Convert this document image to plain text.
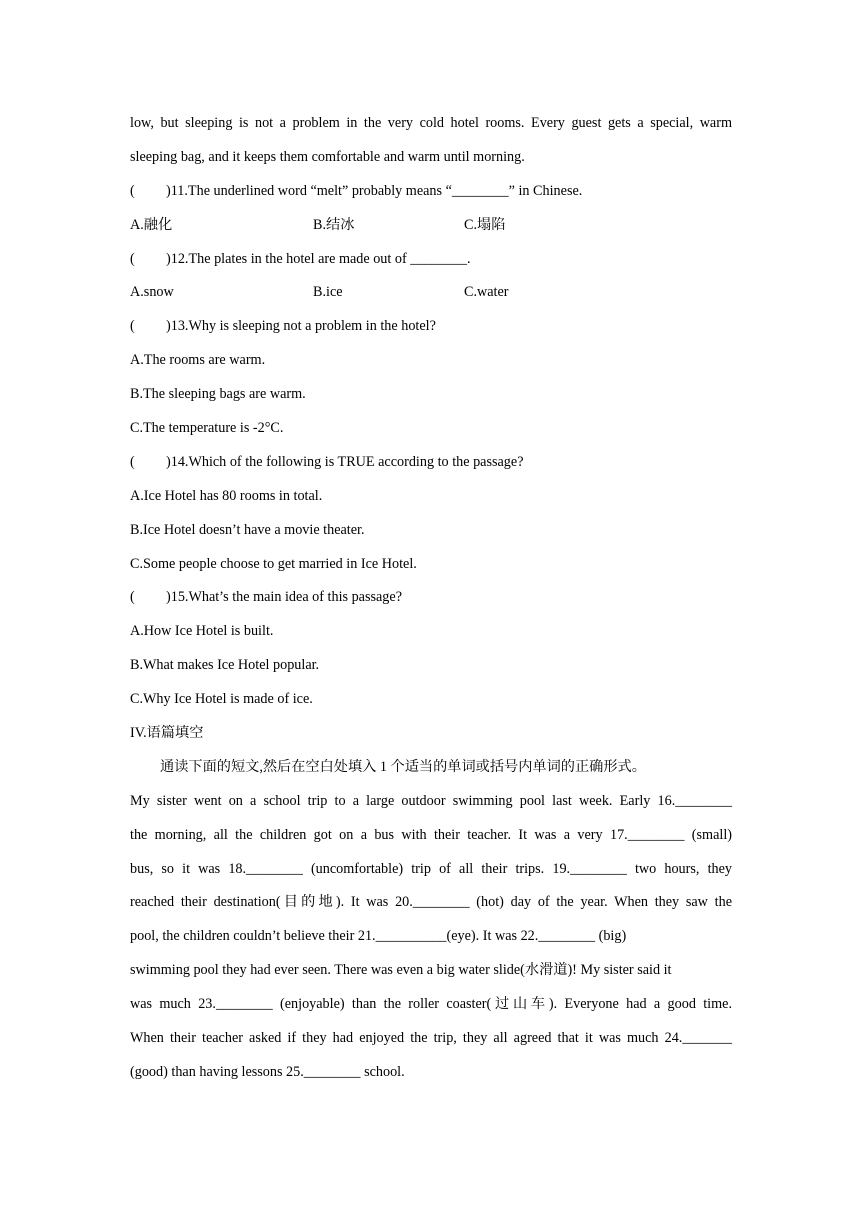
low, but sleeping is not a problem in the very cold hotel rooms. Every guest gets a special, warm
sleeping bag, and it keeps them comfortable and warm until morning.
(	)11.The underlined word “melt” probably means “________” in Chinese.
A.融化	B.结冰	C.塌陷
(	)12.The plates in the hotel are made out of ________.
A.snow	B.ice	C.water
(	)13.Why is sleeping not a problem in the hotel?
A.The rooms are warm.
B.The sleeping bags are warm.
C.The temperature is -2°C.
(	)14.Which of the following is TRUE according to the passage?
A.Ice Hotel has 80 rooms in total.
B.Ice Hotel doesn’t have a movie theater.
C.Some people choose to get married in Ice Hotel.
(	)15.What’s the main idea of this passage?
A.How Ice Hotel is built.
B.What makes Ice Hotel popular.
C.Why Ice Hotel is made of ice.
IV.语篇填空
通读下面的短文,然后在空白处填入 1 个适当的单词或括号内单词的正确形式。
My sister went on a school trip to a large outdoor swimming pool last week. Early 16.________
the morning, all the children got on a bus with their teacher. It was a very 17.________ (small)
bus, so it was 18.________ (uncomfortable) trip of all their trips. 19.________ two hours, they
reached their destination(目的地). It was 20.________ (hot) day of the year. When they saw the
pool, the children couldn’t believe their 21.__________(eye). It was 22.________ (big)
swimming pool they had ever seen. There was even a big water slide(水滑道)! My sister said it
was much 23.________ (enjoyable) than the roller coaster(过山车). Everyone had a good time.
When their teacher asked if they had enjoyed the trip, they all agreed that it was much 24._______
(good) than having lessons 25.________ school.
